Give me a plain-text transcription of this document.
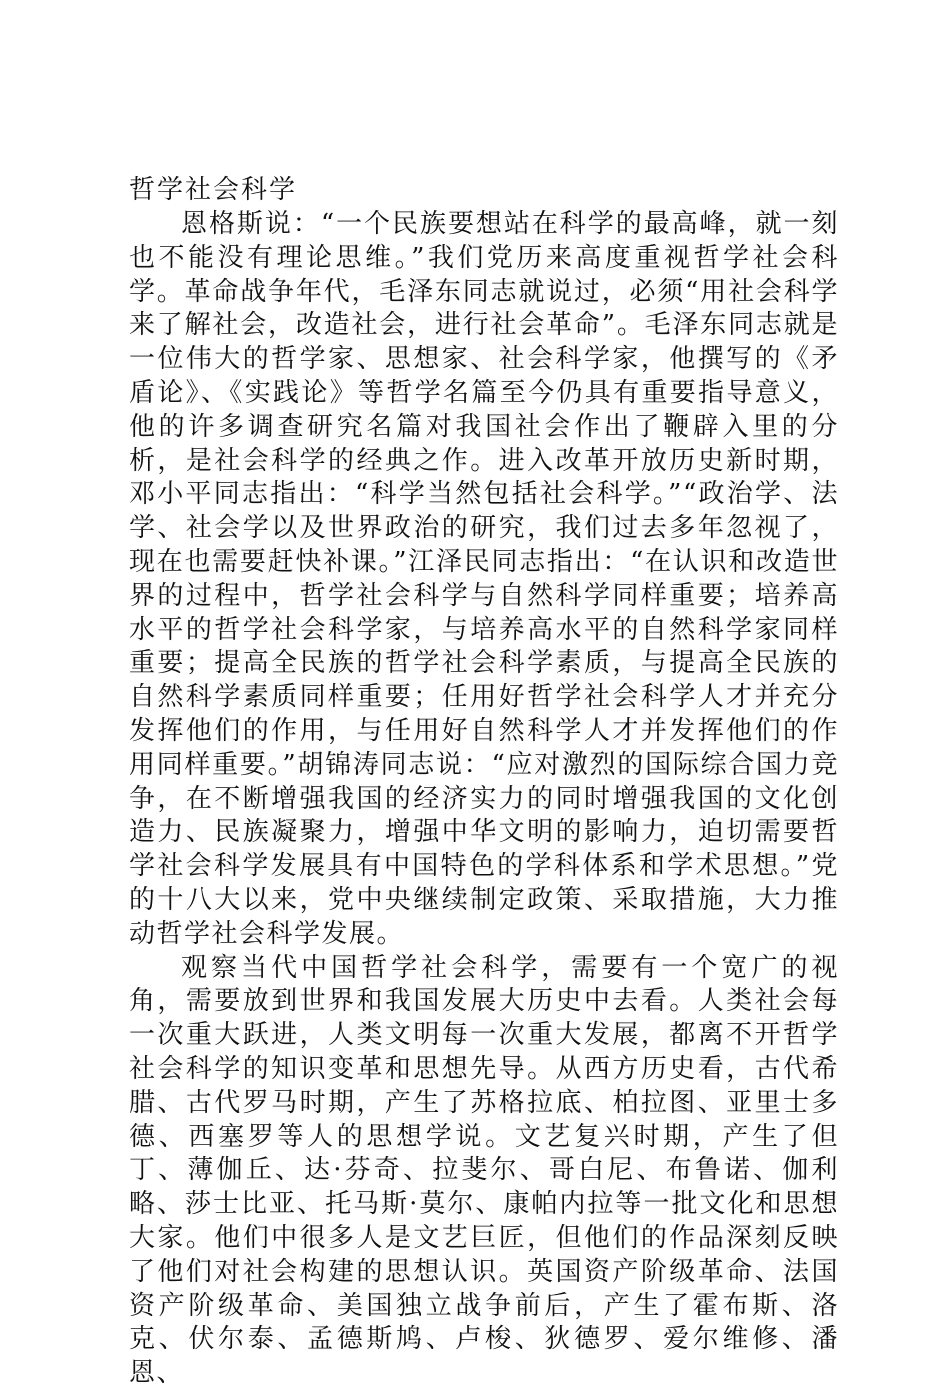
哲学社会科学

恩格斯说：“一个民族要想站在科学的最高峰，就一刻也不能没有理论思维。”我们党历来高度重视哲学社会科学。革命战争年代，毛泽东同志就说过，必须“用社会科学来了解社会，改造社会，进行社会革命”。毛泽东同志就是一位伟大的哲学家、思想家、社会科学家，他撰写的《矛盾论》、《实践论》等哲学名篇至今仍具有重要指导意义，他的许多调查研究名篇对我国社会作出了鞭辟入里的分析，是社会科学的经典之作。进入改革开放历史新时期，邓小平同志指出：“科学当然包括社会科学。”“政治学、法学、社会学以及世界政治的研究，我们过去多年忽视了，现在也需要赶快补课。”江泽民同志指出：“在认识和改造世界的过程中，哲学社会科学与自然科学同样重要；培养高水平的哲学社会科学家，与培养高水平的自然科学家同样重要；提高全民族的哲学社会科学素质，与提高全民族的自然科学素质同样重要；任用好哲学社会科学人才并充分发挥他们的作用，与任用好自然科学人才并发挥他们的作用同样重要。”胡锦涛同志说：“应对激烈的国际综合国力竞争，在不断增强我国的经济实力的同时增强我国的文化创造力、民族凝聚力，增强中华文明的影响力，迫切需要哲学社会科学发展具有中国特色的学科体系和学术思想。”党的十八大以来，党中央继续制定政策、采取措施，大力推动哲学社会科学发展。

观察当代中国哲学社会科学，需要有一个宽广的视角，需要放到世界和我国发展大历史中去看。人类社会每一次重大跃进，人类文明每一次重大发展，都离不开哲学社会科学的知识变革和思想先导。从西方历史看，古代希腊、古代罗马时期，产生了苏格拉底、柏拉图、亚里士多德、西塞罗等人的思想学说。文艺复兴时期，产生了但丁、薄伽丘、达·芬奇、拉斐尔、哥白尼、布鲁诺、伽利略、莎士比亚、托马斯·莫尔、康帕内拉等一批文化和思想大家。他们中很多人是文艺巨匠，但他们的作品深刻反映了他们对社会构建的思想认识。英国资产阶级革命、法国资产阶级革命、美国独立战争前后，产生了霍布斯、洛克、伏尔泰、孟德斯鸠、卢梭、狄德罗、爱尔维修、潘恩、
